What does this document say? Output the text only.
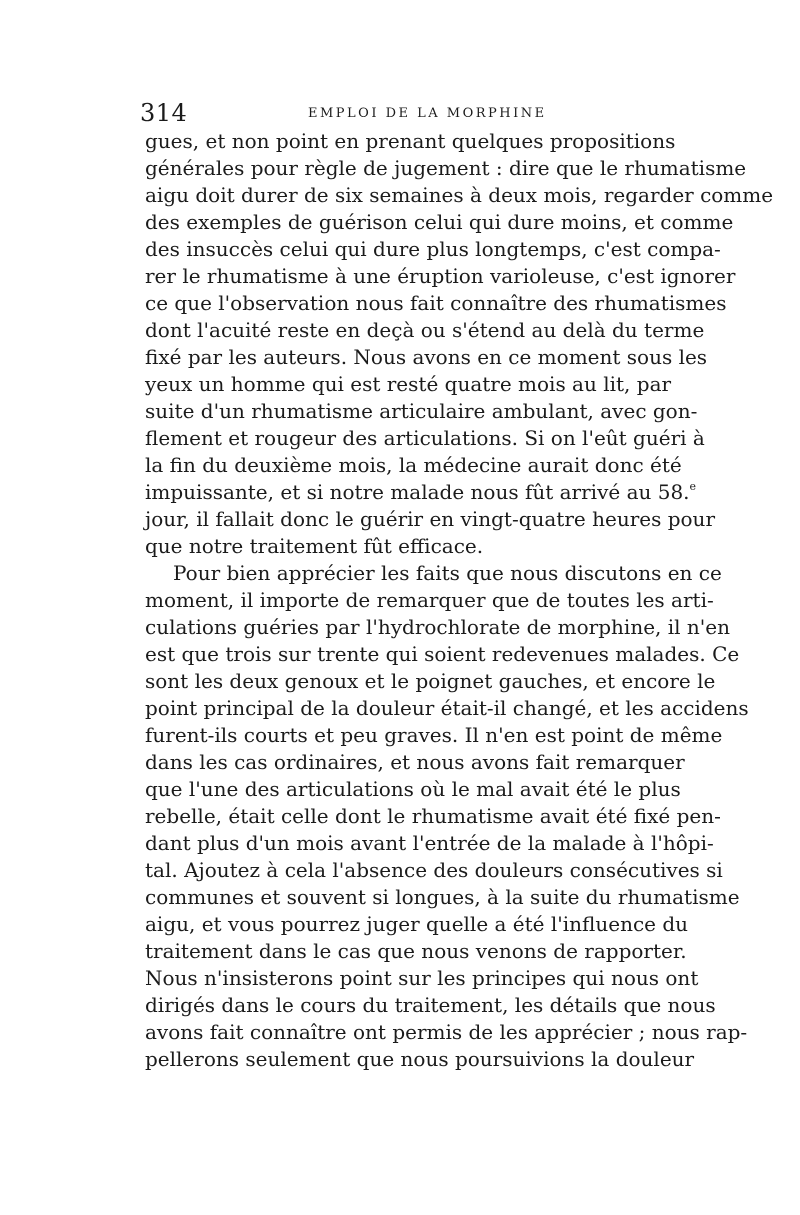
314	EMPLOI DE LA MORPHINE
gues, et non point en prenant quelques propositions
générales pour règle de jugement : dire que le rhumatisme
aigu doit durer de six semaines à deux mois, regarder comme
des exemples de guérison celui qui dure moins, et comme
des insuccès celui qui dure plus longtemps, c'est compa-
rer le rhumatisme à une éruption varioleuse, c'est ignorer
ce que l'observation nous fait connaître des rhumatismes
dont l'acuité reste en deçà ou s'étend au delà du terme
fixé par les auteurs. Nous avons en ce moment sous les
yeux un homme qui est resté quatre mois au lit, par
suite d'un rhumatisme articulaire ambulant, avec gon-
flement et rougeur des articulations. Si on l'eût guéri à
la fin du deuxième mois, la médecine aurait donc été
impuissante, et si notre malade nous fût arrivé au 58.$^e$
jour, il fallait donc le guérir en vingt-quatre heures pour
que notre traitement fût efficace.
Pour bien apprécier les faits que nous discutons en ce
moment, il importe de remarquer que de toutes les arti-
culations guéries par l'hydrochlorate de morphine, il n'en
est que trois sur trente qui soient redevenues malades. Ce
sont les deux genoux et le poignet gauches, et encore le
point principal de la douleur était-il changé, et les accidens
furent-ils courts et peu graves. Il n'en est point de même
dans les cas ordinaires, et nous avons fait remarquer
que l'une des articulations où le mal avait été le plus
rebelle, était celle dont le rhumatisme avait été fixé pen-
dant plus d'un mois avant l'entrée de la malade à l'hôpi-
tal. Ajoutez à cela l'absence des douleurs consécutives si
communes et souvent si longues, à la suite du rhumatisme
aigu, et vous pourrez juger quelle a été l'influence du
traitement dans le cas que nous venons de rapporter.
Nous n'insisterons point sur les principes qui nous ont
dirigés dans le cours du traitement, les détails que nous
avons fait connaître ont permis de les apprécier ; nous rap-
pellerons seulement que nous poursuivions la douleur
